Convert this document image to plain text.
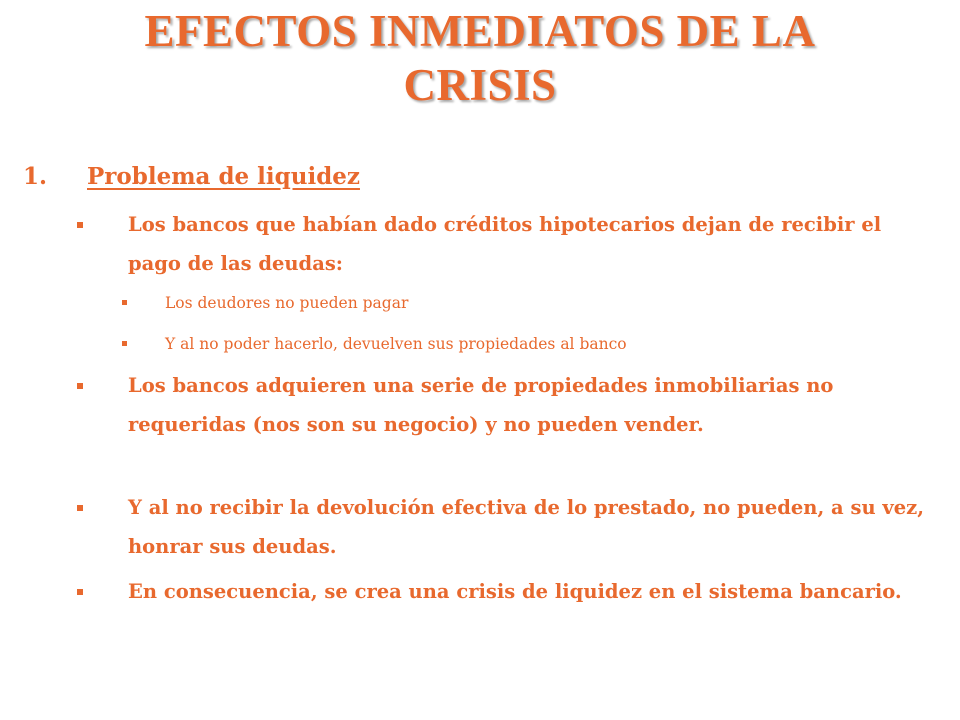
EFECTOS INMEDIATOS DE LA
CRISIS
1. Problema de liquidez
Los bancos que habían dado créditos hipotecarios dejan de recibir el pago de las deudas:
Los deudores no pueden pagar
Y al no poder hacerlo, devuelven sus propiedades al banco
Los bancos adquieren una serie de propiedades inmobiliarias no requeridas (nos son su negocio) y no pueden vender.
Y al no recibir la devolución efectiva de lo prestado, no pueden, a su vez, honrar sus deudas.
En consecuencia, se crea una crisis de liquidez en el sistema bancario.
